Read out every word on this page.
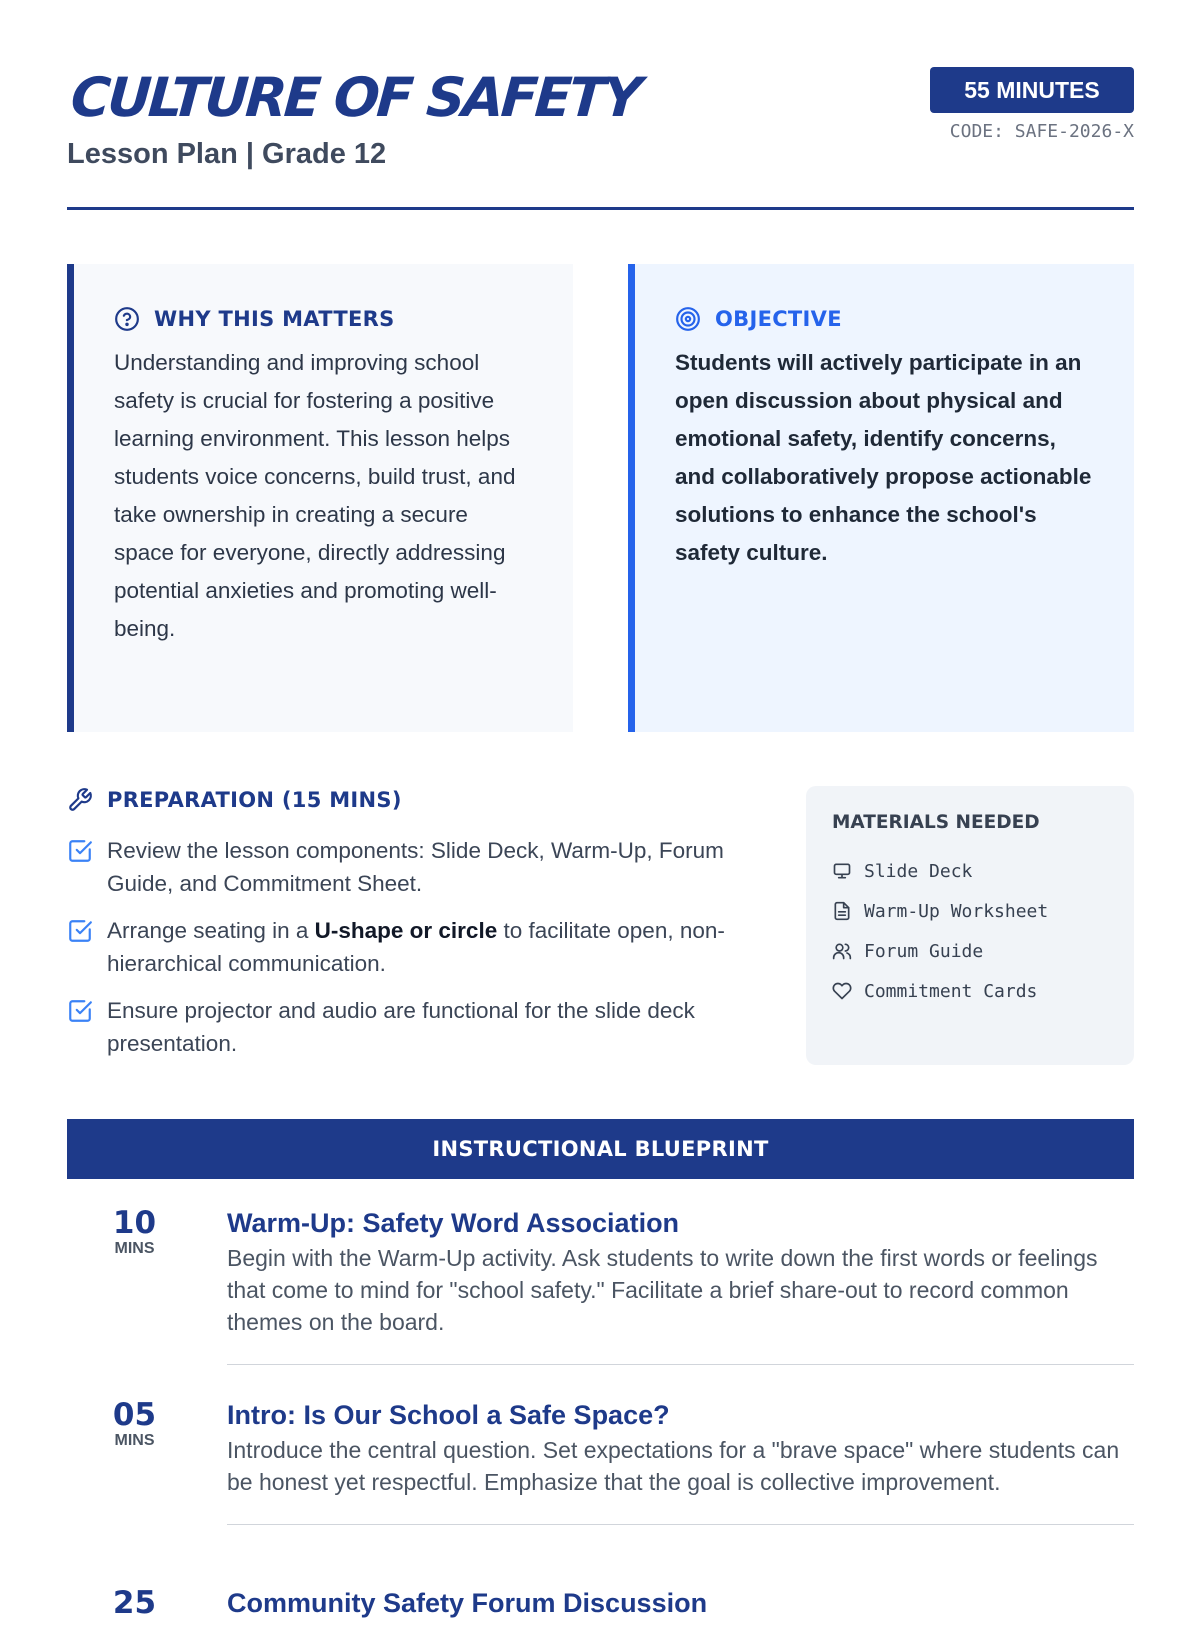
CULTURE OF SAFETY
Lesson Plan | Grade 12
55 MINUTES
CODE: SAFE-2026-X
WHY THIS MATTERS

Understanding and improving school safety is crucial for fostering a positive learning environment. This lesson helps students voice concerns, build trust, and take ownership in creating a secure space for everyone, directly addressing potential anxieties and promoting well-being.

OBJECTIVE

Students will actively participate in an open discussion about physical and emotional safety, identify concerns, and collaboratively propose actionable solutions to enhance the school's safety culture.

PREPARATION (15 MINS)
Review the lesson components: Slide Deck, Warm-Up, Forum Guide, and Commitment Sheet.
Arrange seating in a U-shape or circle to facilitate open, non-hierarchical communication.
Ensure projector and audio are functional for the slide deck presentation.
MATERIALS NEEDED
Slide Deck
Warm-Up Worksheet
Forum Guide
Commitment Cards
INSTRUCTIONAL BLUEPRINT
10
MINS
Warm-Up: Safety Word Association
Begin with the Warm-Up activity. Ask students to write down the first words or feelings that come to mind for "school safety." Facilitate a brief share-out to record common themes on the board.
05
MINS
Intro: Is Our School a Safe Space?
Introduce the central question. Set expectations for a "brave space" where students can be honest yet respectful. Emphasize that the goal is collective improvement.
25	Community Safety Forum Discussion
